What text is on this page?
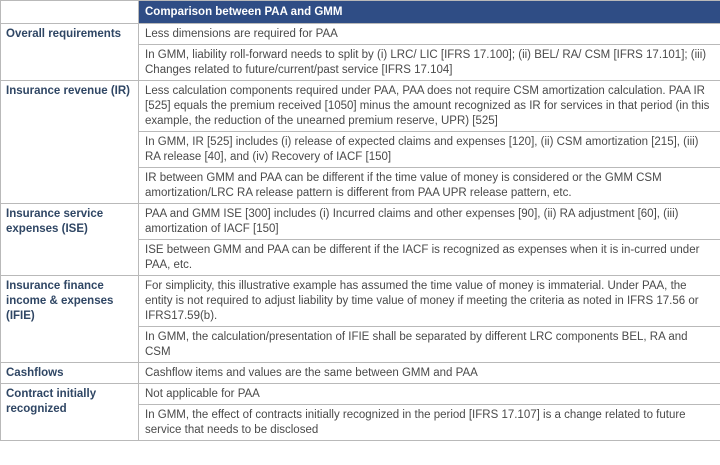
	Comparison between PAA and GMM
Overall requirements	Less dimensions are required for PAA
In GMM, liability roll-forward needs to split by (i) LRC/ LIC [IFRS 17.100]; (ii) BEL/ RA/ CSM [IFRS 17.101]; (iii) Changes related to future/current/past service [IFRS 17.104]

Insurance revenue (IR)	Less calculation components required under PAA, PAA does not require CSM amortization calculation. PAA IR [525] equals the premium received [1050] minus the amount recognized as IR for services in that period (in this example, the reduction of the unearned premium reserve, UPR) [525]
In GMM, IR [525] includes (i) release of expected claims and expenses [120], (ii) CSM amortization [215], (iii) RA release [40], and (iv) Recovery of IACF [150]
IR between GMM and PAA can be different if the time value of money is considered or the GMM CSM amortization/LRC RA release pattern is different from PAA UPR release pattern, etc.

Insurance service expenses (ISE)	PAA and GMM ISE [300] includes (i) Incurred claims and other expenses [90], (ii) RA adjustment [60], (iii) amortization of IACF [150]
ISE between GMM and PAA can be different if the IACF is recognized as expenses when it is in-curred under PAA, etc.

Insurance finance income & expenses (IFIE)	For simplicity, this illustrative example has assumed the time value of money is immaterial. Under PAA, the entity is not required to adjust liability by time value of money if meeting the criteria as noted in IFRS 17.56 or IFRS17.59(b).
In GMM, the calculation/presentation of IFIE shall be separated by different LRC components BEL, RA and CSM

Cashflows	Cashflow items and values are the same between GMM and PAA

Contract initially recognized	Not applicable for PAA
In GMM, the effect of contracts initially recognized in the period [IFRS 17.107] is a change related to future service that needs to be disclosed
